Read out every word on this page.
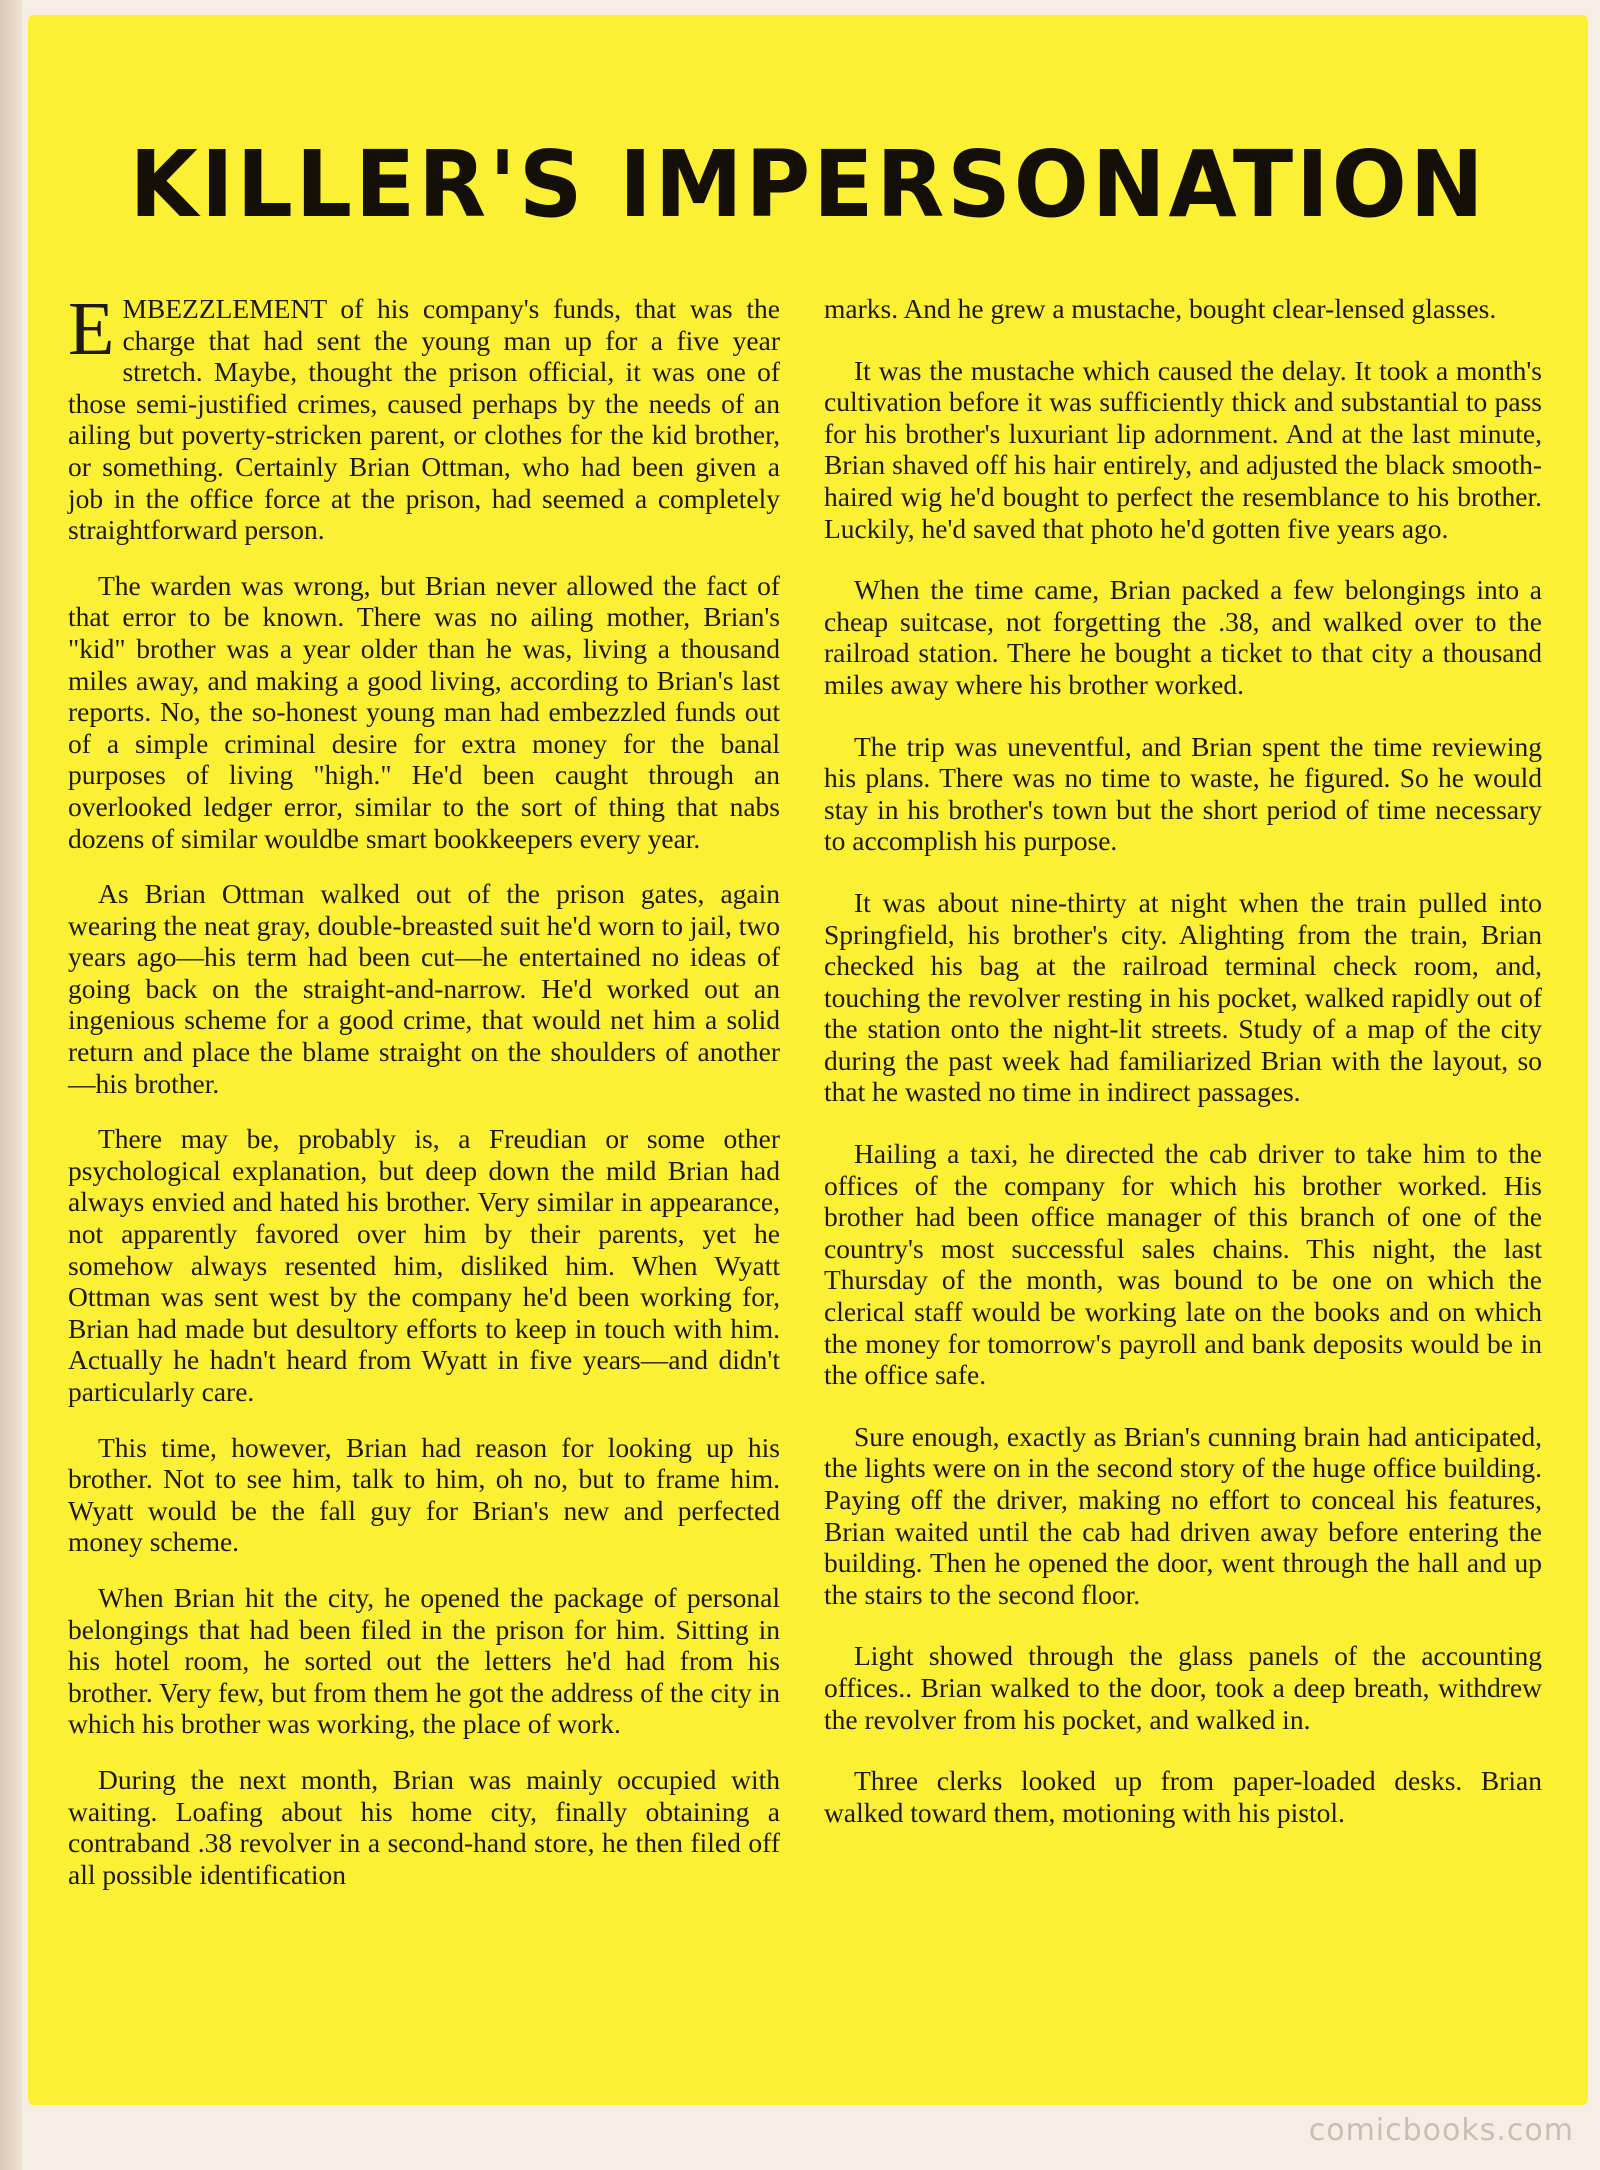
KILLER'S IMPERSONATION

EMBEZZLEMENT of his company's funds, that was the charge that had sent the young man up for a five year stretch. Maybe, thought the prison official, it was one of those semi-justified crimes, caused perhaps by the needs of an ailing but poverty-stricken parent, or clothes for the kid brother, or something. Certainly Brian Ottman, who had been given a job in the office force at the prison, had seemed a completely straightforward person.

The warden was wrong, but Brian never allowed the fact of that error to be known. There was no ailing mother, Brian's "kid" brother was a year older than he was, living a thousand miles away, and making a good living, according to Brian's last reports. No, the so-honest young man had embezzled funds out of a simple criminal desire for extra money for the banal purposes of living "high." He'd been caught through an overlooked ledger error, similar to the sort of thing that nabs dozens of similar wouldbe smart bookkeepers every year.

As Brian Ottman walked out of the prison gates, again wearing the neat gray, double-breasted suit he'd worn to jail, two years ago—his term had been cut—he entertained no ideas of going back on the straight-and-narrow. He'd worked out an ingenious scheme for a good crime, that would net him a solid return and place the blame straight on the shoulders of another—his brother.

There may be, probably is, a Freudian or some other psychological explanation, but deep down the mild Brian had always envied and hated his brother. Very similar in appearance, not apparently favored over him by their parents, yet he somehow always resented him, disliked him. When Wyatt Ottman was sent west by the company he'd been working for, Brian had made but desultory efforts to keep in touch with him. Actually he hadn't heard from Wyatt in five years—and didn't particularly care.

This time, however, Brian had reason for looking up his brother. Not to see him, talk to him, oh no, but to frame him. Wyatt would be the fall guy for Brian's new and perfected money scheme.

When Brian hit the city, he opened the package of personal belongings that had been filed in the prison for him. Sitting in his hotel room, he sorted out the letters he'd had from his brother. Very few, but from them he got the address of the city in which his brother was working, the place of work.

During the next month, Brian was mainly occupied with waiting. Loafing about his home city, finally obtaining a contraband .38 revolver in a second-hand store, he then filed off all possible identification

marks. And he grew a mustache, bought clear-lensed glasses.

It was the mustache which caused the delay. It took a month's cultivation before it was sufficiently thick and substantial to pass for his brother's luxuriant lip adornment. And at the last minute, Brian shaved off his hair entirely, and adjusted the black smooth-haired wig he'd bought to perfect the resemblance to his brother. Luckily, he'd saved that photo he'd gotten five years ago.

When the time came, Brian packed a few belongings into a cheap suitcase, not forgetting the .38, and walked over to the railroad station. There he bought a ticket to that city a thousand miles away where his brother worked.

The trip was uneventful, and Brian spent the time reviewing his plans. There was no time to waste, he figured. So he would stay in his brother's town but the short period of time necessary to accomplish his purpose.

It was about nine-thirty at night when the train pulled into Springfield, his brother's city. Alighting from the train, Brian checked his bag at the railroad terminal check room, and, touching the revolver resting in his pocket, walked rapidly out of the station onto the night-lit streets. Study of a map of the city during the past week had familiarized Brian with the layout, so that he wasted no time in indirect passages.

Hailing a taxi, he directed the cab driver to take him to the offices of the company for which his brother worked. His brother had been office manager of this branch of one of the country's most successful sales chains. This night, the last Thursday of the month, was bound to be one on which the clerical staff would be working late on the books and on which the money for tomorrow's payroll and bank deposits would be in the office safe.

Sure enough, exactly as Brian's cunning brain had anticipated, the lights were on in the second story of the huge office building. Paying off the driver, making no effort to conceal his features, Brian waited until the cab had driven away before entering the building. Then he opened the door, went through the hall and up the stairs to the second floor.

Light showed through the glass panels of the accounting offices.. Brian walked to the door, took a deep breath, withdrew the revolver from his pocket, and walked in.

Three clerks looked up from paper-loaded desks. Brian walked toward them, motioning with his pistol.

comicbooks.com
